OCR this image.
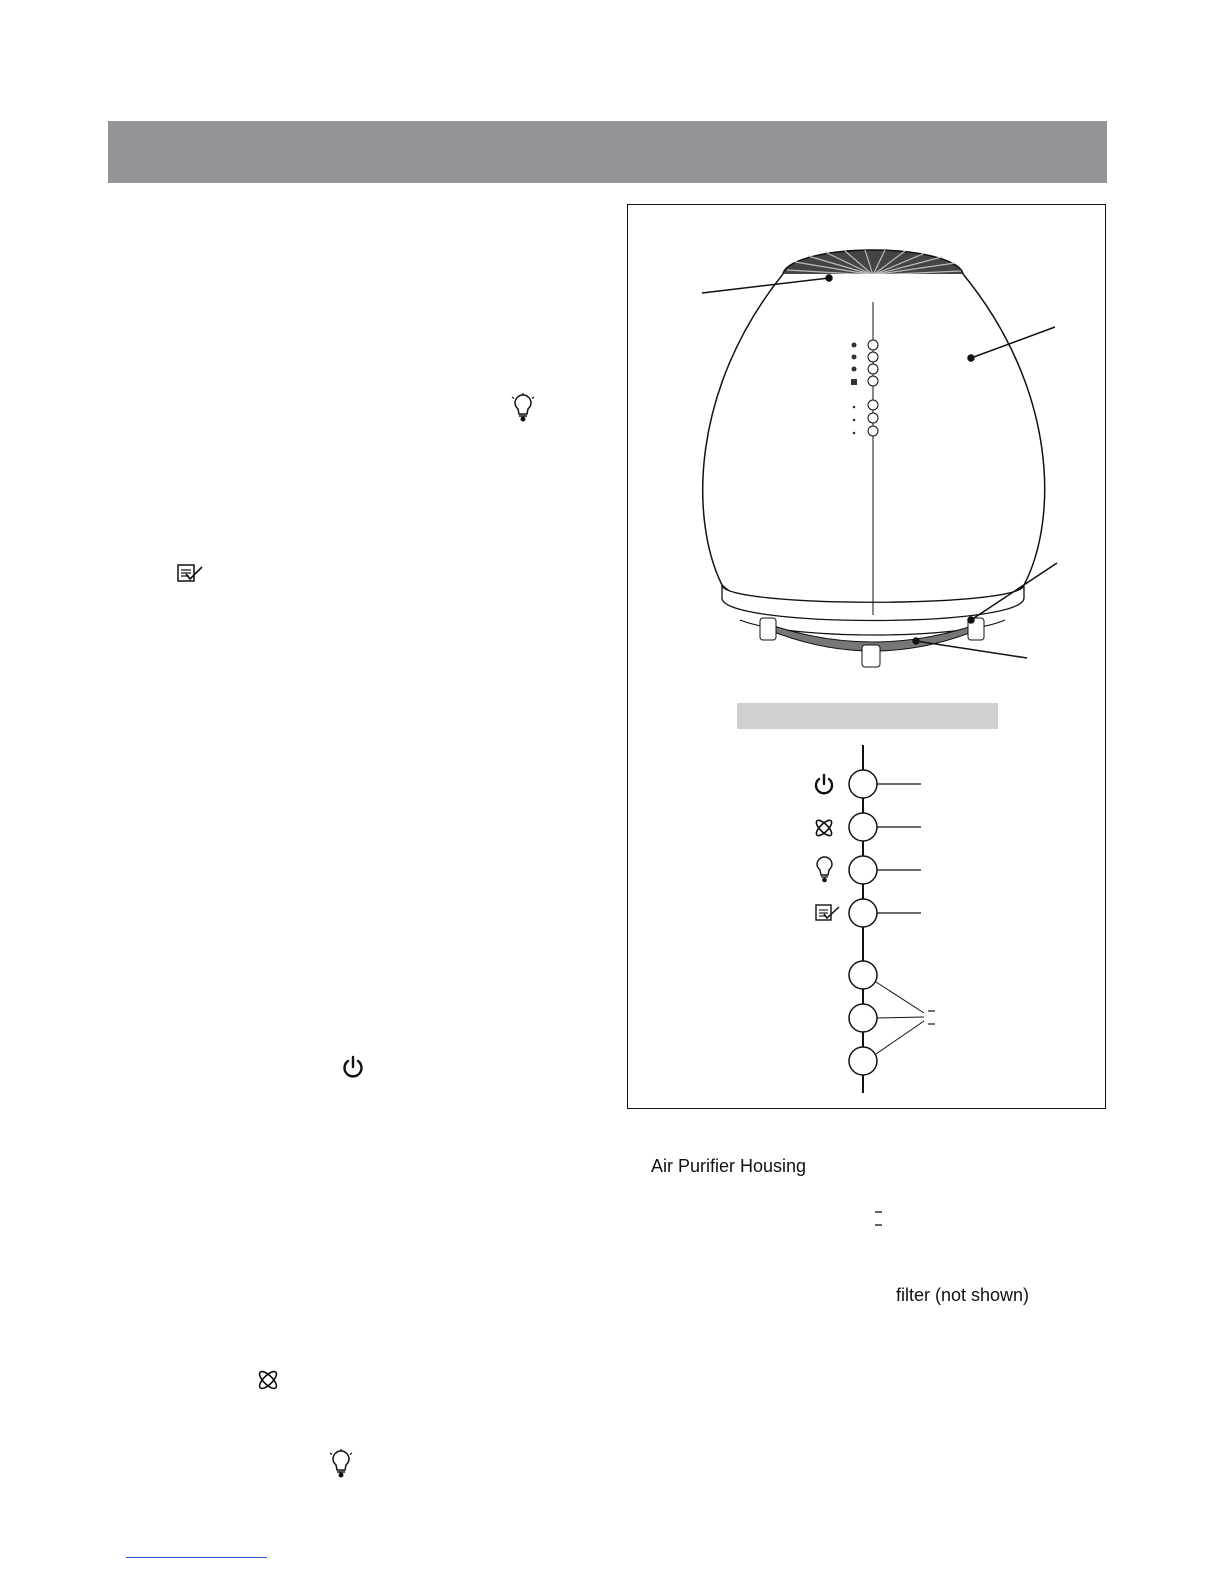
Air Purifier Housing
filter (not shown)
